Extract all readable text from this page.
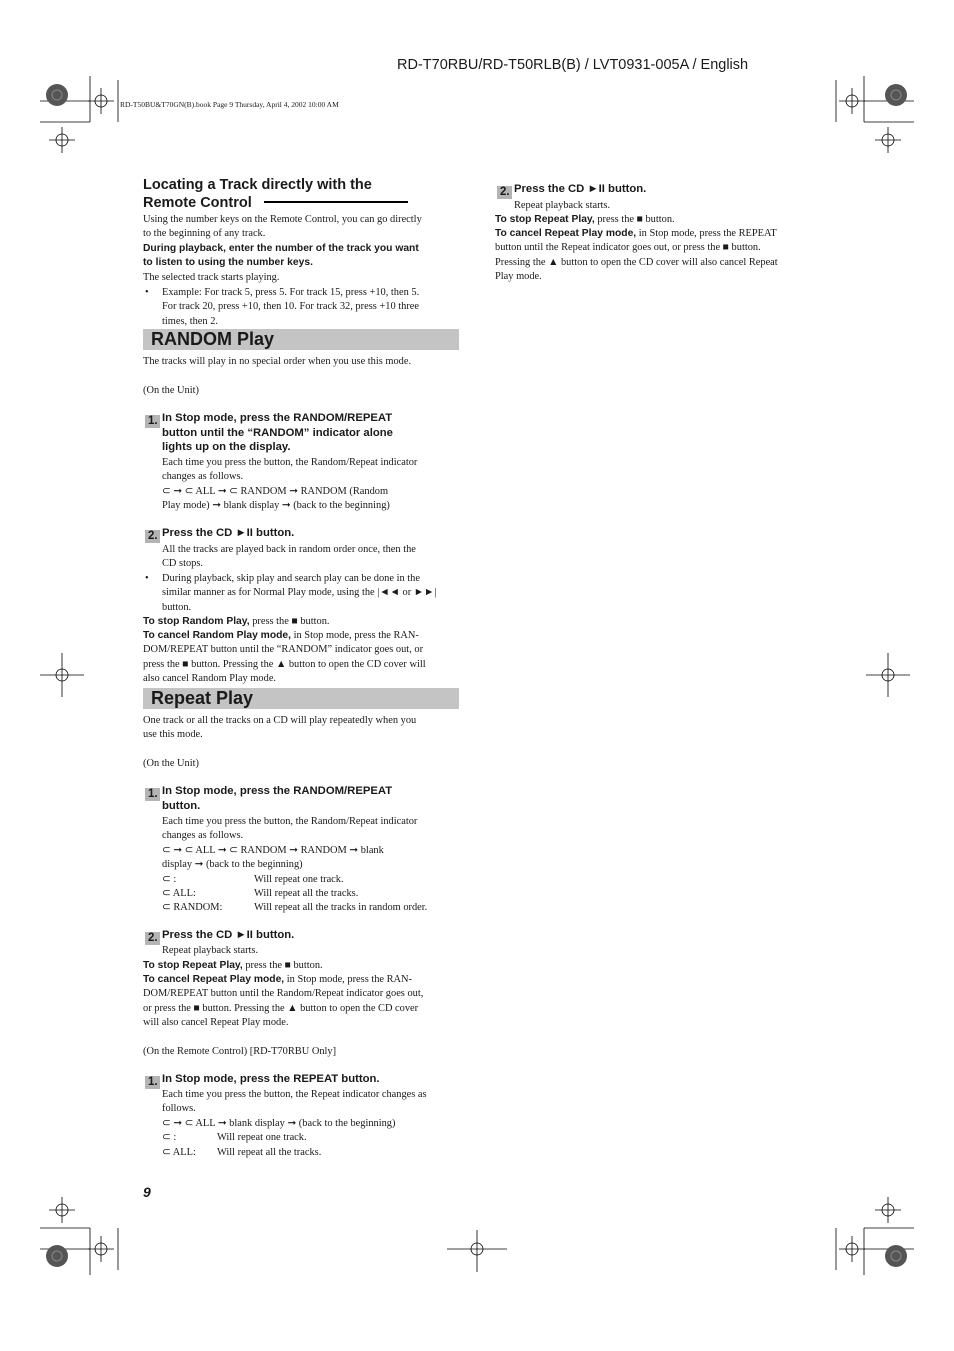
RD-T70RBU/RD-T50RLB(B) / LVT0931-005A / English
RD-T50BU&T70GN(B).book Page 9 Thursday, April 4, 2002 10:00 AM
Locating a Track directly with the
Remote Control
Using the number keys on the Remote Control, you can go directly
to the beginning of any track.
During playback, enter the number of the track you want
to listen to using the number keys.
The selected track starts playing.
• Example: For track 5, press 5. For track 15, press +10, then 5.
For track 20, press +10, then 10. For track 32, press +10 three
times, then 2.
RANDOM Play
The tracks will play in no special order when you use this mode.
(On the Unit)
1. In Stop mode, press the RANDOM/REPEAT
button until the “RANDOM” indicator alone
lights up on the display.
Each time you press the button, the Random/Repeat indicator
changes as follows.
⊂ ➞ ⊂ ALL ➞ ⊂ RANDOM ➞ RANDOM (Random
Play mode) ➞ blank display ➞ (back to the beginning)
2. Press the CD ►II button.
All the tracks are played back in random order once, then the
CD stops.
• During playback, skip play and search play can be done in the
similar manner as for Normal Play mode, using the |◄◄ or ►►|
button.
To stop Random Play, press the ■ button.
To cancel Random Play mode, in Stop mode, press the RAN-
DOM/REPEAT button until the “RANDOM” indicator goes out, or
press the ■ button. Pressing the ▲ button to open the CD cover will
also cancel Random Play mode.
Repeat Play
One track or all the tracks on a CD will play repeatedly when you
use this mode.
(On the Unit)
1. In Stop mode, press the RANDOM/REPEAT
button.
Each time you press the button, the Random/Repeat indicator
changes as follows.
⊂ ➞ ⊂ ALL ➞ ⊂ RANDOM ➞ RANDOM ➞ blank
display ➞ (back to the beginning)
⊂ :	Will repeat one track.
⊂ ALL:	Will repeat all the tracks.
⊂ RANDOM:	Will repeat all the tracks in random order.
2. Press the CD ►II button.
Repeat playback starts.
To stop Repeat Play, press the ■ button.
To cancel Repeat Play mode, in Stop mode, press the RAN-
DOM/REPEAT button until the Random/Repeat indicator goes out,
or press the ■ button. Pressing the ▲ button to open the CD cover
will also cancel Repeat Play mode.
(On the Remote Control) [RD-T70RBU Only]
1. In Stop mode, press the REPEAT button.
Each time you press the button, the Repeat indicator changes as
follows.
⊂ ➞ ⊂ ALL ➞ blank display ➞ (back to the beginning)
⊂ :	Will repeat one track.
⊂ ALL: Will repeat all the tracks.
9
2. Press the CD ►II button.
Repeat playback starts.
To stop Repeat Play, press the ■ button.
To cancel Repeat Play mode, in Stop mode, press the REPEAT
button until the Repeat indicator goes out, or press the ■ button.
Pressing the ▲ button to open the CD cover will also cancel Repeat
Play mode.
